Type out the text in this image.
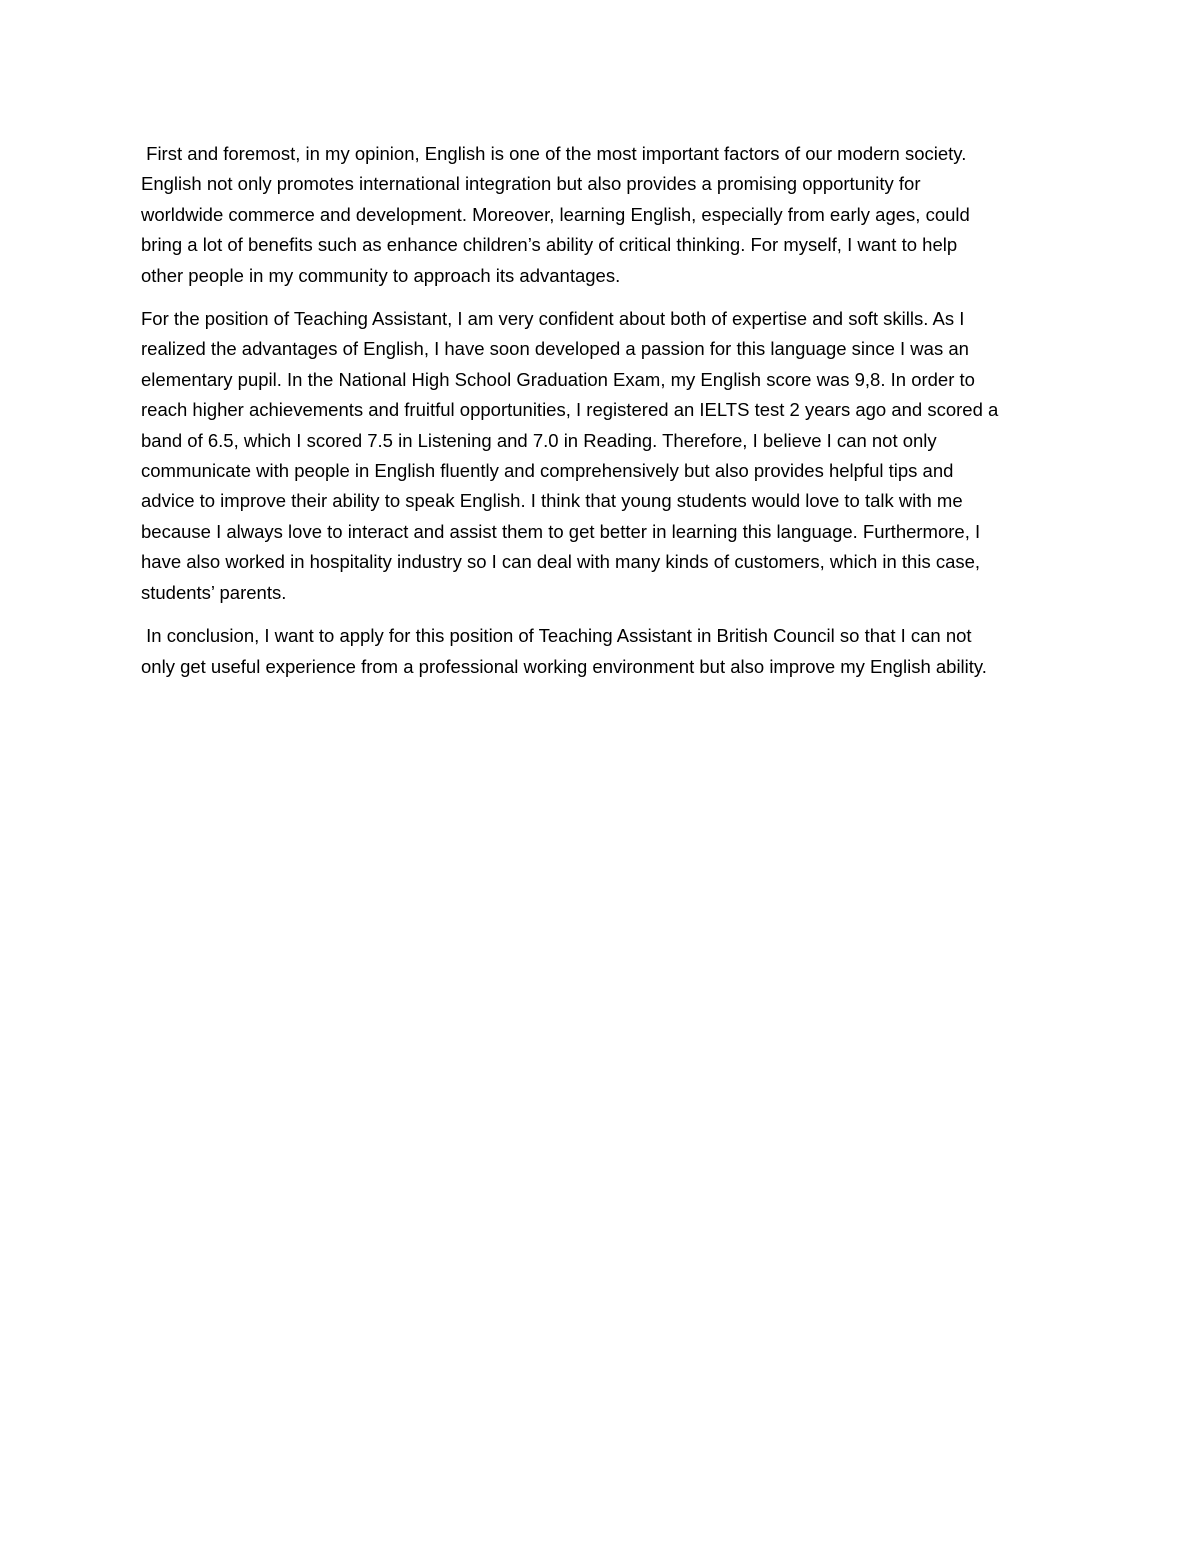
First and foremost, in my opinion, English is one of the most important factors of our modern society.
English not only promotes international integration but also provides a promising opportunity for
worldwide commerce and development. Moreover, learning English, especially from early ages, could
bring a lot of benefits such as enhance children’s ability of critical thinking. For myself, I want to help
other people in my community to approach its advantages.

For the position of Teaching Assistant, I am very confident about both of expertise and soft skills. As I
realized the advantages of English, I have soon developed a passion for this language since I was an
elementary pupil. In the National High School Graduation Exam, my English score was 9,8. In order to
reach higher achievements and fruitful opportunities, I registered an IELTS test 2 years ago and scored a
band of 6.5, which I scored 7.5 in Listening and 7.0 in Reading. Therefore, I believe I can not only
communicate with people in English fluently and comprehensively but also provides helpful tips and
advice to improve their ability to speak English. I think that young students would love to talk with me
because I always love to interact and assist them to get better in learning this language. Furthermore, I
have also worked in hospitality industry so I can deal with many kinds of customers, which in this case,
students’ parents.

In conclusion, I want to apply for this position of Teaching Assistant in British Council so that I can not
only get useful experience from a professional working environment but also improve my English ability.
